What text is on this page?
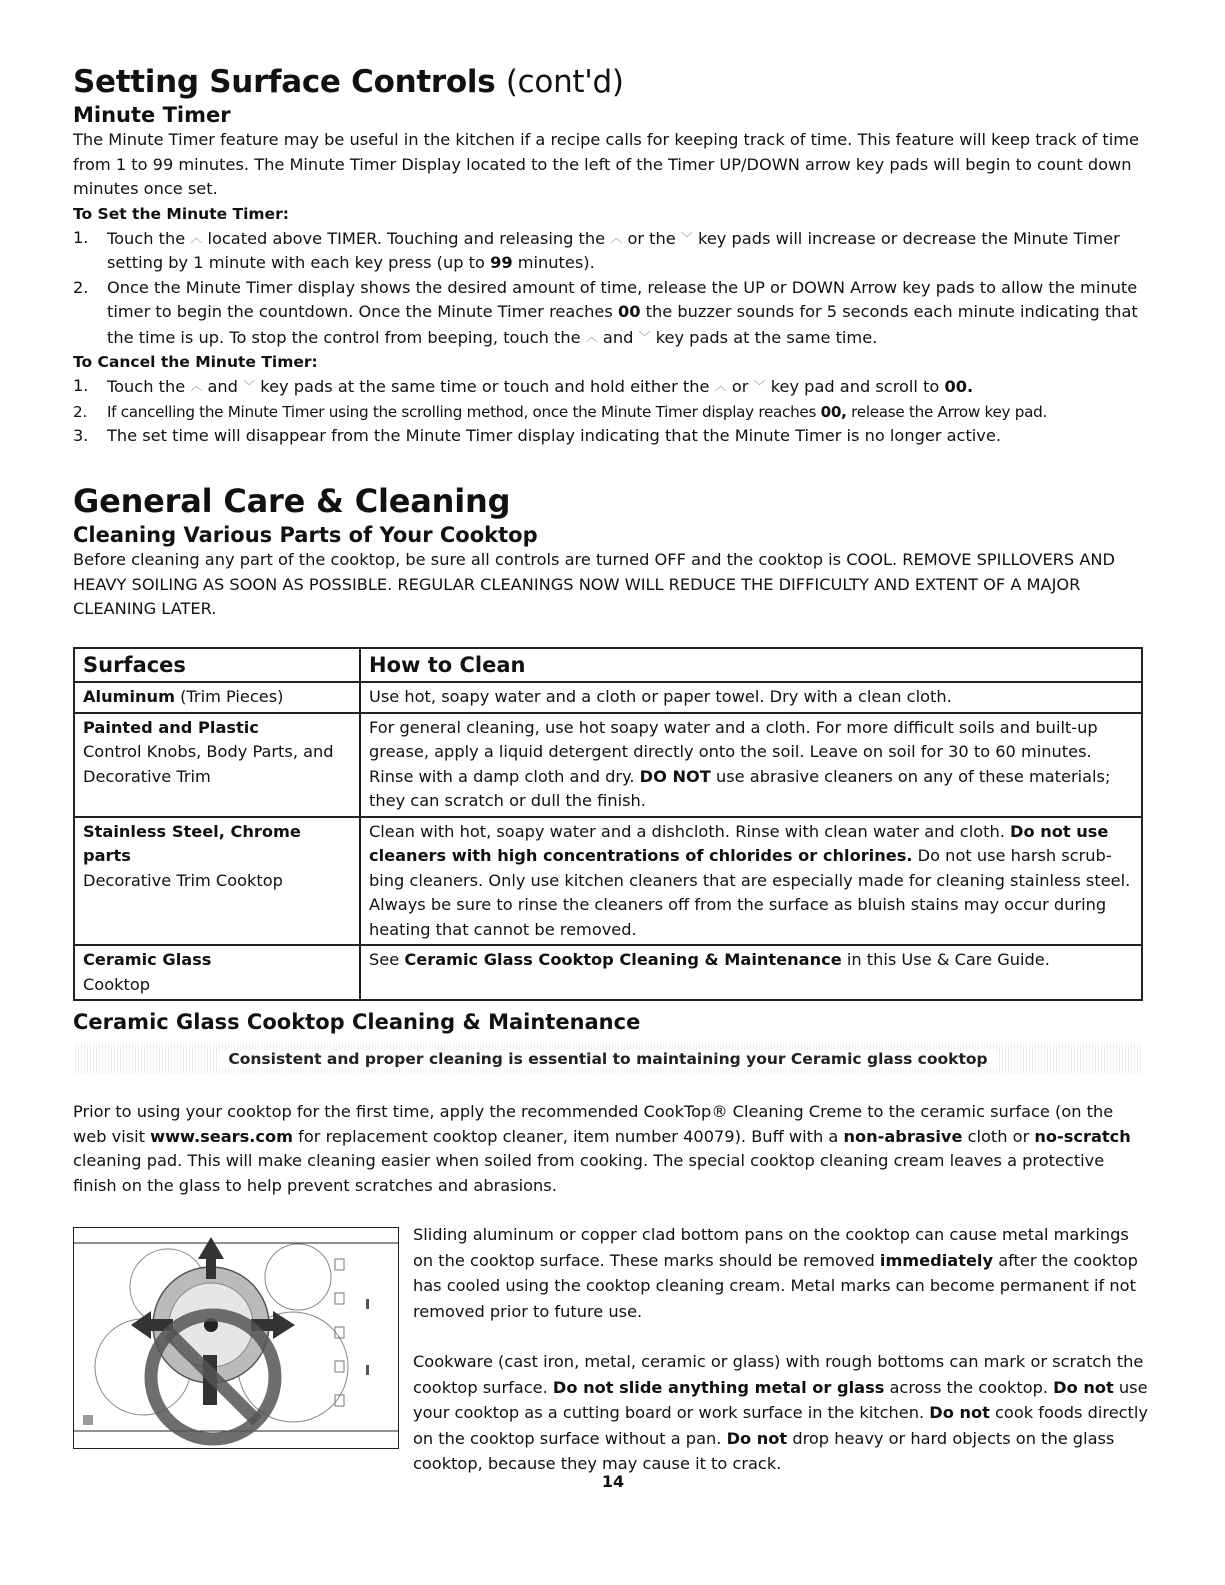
Setting Surface Controls (cont'd)
Minute Timer

The Minute Timer feature may be useful in the kitchen if a recipe calls for keeping track of time. This feature will keep track of time from 1 to 99 minutes. The Minute Timer Display located to the left of the Timer UP/DOWN arrow key pads will begin to count down minutes once set.

To Set the Minute Timer:
1. Touch the ︿ located above TIMER. Touching and releasing the ︿ or the ﹀ key pads will increase or decrease the Minute Timer setting by 1 minute with each key press (up to 99 minutes).
2. Once the Minute Timer display shows the desired amount of time, release the UP or DOWN Arrow key pads to allow the minute timer to begin the countdown. Once the Minute Timer reaches 00 the buzzer sounds for 5 seconds each minute indicating that the time is up. To stop the control from beeping, touch the ︿ and ﹀ key pads at the same time.
To Cancel the Minute Timer:
1. Touch the ︿ and ﹀ key pads at the same time or touch and hold either the ︿ or ﹀ key pad and scroll to 00.
2. If cancelling the Minute Timer using the scrolling method, once the Minute Timer display reaches 00, release the Arrow key pad.
3. The set time will disappear from the Minute Timer display indicating that the Minute Timer is no longer active.
General Care & Cleaning
Cleaning Various Parts of Your Cooktop

Before cleaning any part of the cooktop, be sure all controls are turned OFF and the cooktop is COOL. REMOVE SPILLOVERS AND HEAVY SOILING AS SOON AS POSSIBLE. REGULAR CLEANINGS NOW WILL REDUCE THE DIFFICULTY AND EXTENT OF A MAJOR CLEANING LATER.

Surfaces	How to Clean
Aluminum (Trim Pieces)	Use hot, soapy water and a cloth or paper towel. Dry with a clean cloth.
Painted and Plastic
Control Knobs, Body Parts, and Decorative Trim	For general cleaning, use hot soapy water and a cloth. For more difficult soils and built-up grease, apply a liquid detergent directly onto the soil. Leave on soil for 30 to 60 minutes. Rinse with a damp cloth and dry. DO NOT use abrasive cleaners on any of these materials; they can scratch or dull the finish.
Stainless Steel, Chrome parts
Decorative Trim Cooktop	Clean with hot, soapy water and a dishcloth. Rinse with clean water and cloth. Do not use cleaners with high concentrations of chlorides or chlorines. Do not use harsh scrub-bing cleaners. Only use kitchen cleaners that are especially made for cleaning stainless steel. Always be sure to rinse the cleaners off from the surface as bluish stains may occur during heating that cannot be removed.
Ceramic Glass
Cooktop	See Ceramic Glass Cooktop Cleaning & Maintenance in this Use & Care Guide.
Ceramic Glass Cooktop Cleaning & Maintenance
Consistent and proper cleaning is essential to maintaining your Ceramic glass cooktop

Prior to using your cooktop for the first time, apply the recommended CookTop® Cleaning Creme to the ceramic surface (on the web visit www.sears.com for replacement cooktop cleaner, item number 40079). Buff with a non-abrasive cloth or no-scratch cleaning pad. This will make cleaning easier when soiled from cooking. The special cooktop cleaning cream leaves a protective finish on the glass to help prevent scratches and abrasions.

Sliding aluminum or copper clad bottom pans on the cooktop can cause metal markings on the cooktop surface. These marks should be removed immediately after the cooktop has cooled using the cooktop cleaning cream. Metal marks can become permanent if not removed prior to future use.

Cookware (cast iron, metal, ceramic or glass) with rough bottoms can mark or scratch the cooktop surface. Do not slide anything metal or glass across the cooktop. Do not use your cooktop as a cutting board or work surface in the kitchen. Do not cook foods directly on the cooktop surface without a pan. Do not drop heavy or hard objects on the glass cooktop, because they may cause it to crack.

14
